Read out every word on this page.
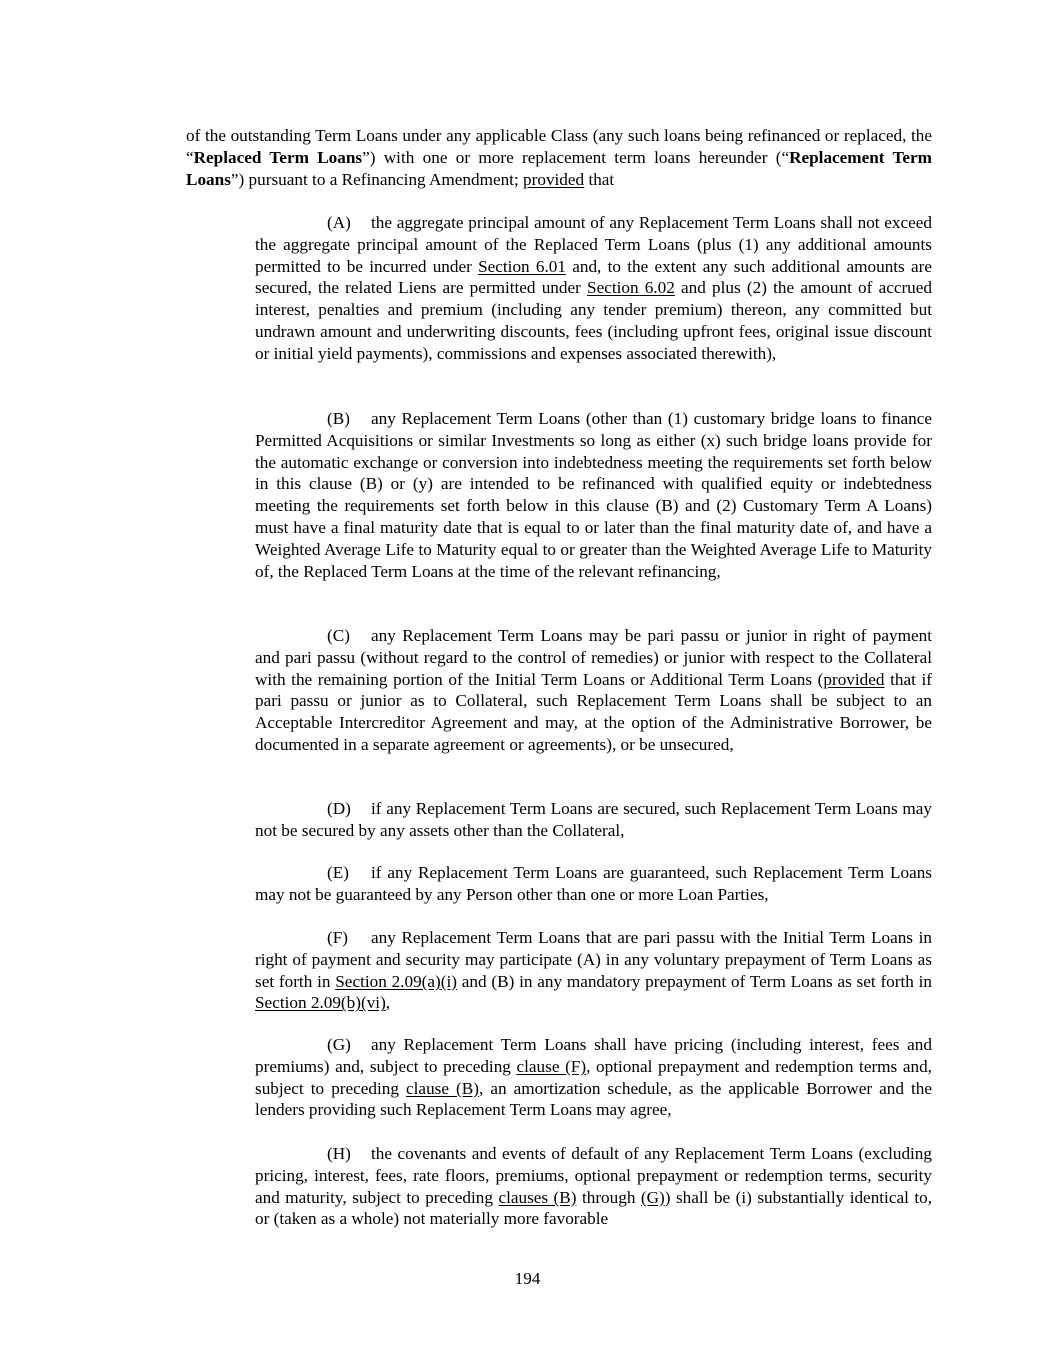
of the outstanding Term Loans under any applicable Class (any such loans being refinanced or replaced, the “Replaced Term Loans”) with one or more replacement term loans hereunder (“Replacement Term Loans”) pursuant to a Refinancing Amendment; provided that

(A) the aggregate principal amount of any Replacement Term Loans shall not exceed the aggregate principal amount of the Replaced Term Loans (plus (1) any additional amounts permitted to be incurred under Section 6.01 and, to the extent any such additional amounts are secured, the related Liens are permitted under Section 6.02 and plus (2) the amount of accrued interest, penalties and premium (including any tender premium) thereon, any committed but undrawn amount and underwriting discounts, fees (including upfront fees, original issue discount or initial yield payments), commissions and expenses associated therewith),

(B) any Replacement Term Loans (other than (1) customary bridge loans to finance Permitted Acquisitions or similar Investments so long as either (x) such bridge loans provide for the automatic exchange or conversion into indebtedness meeting the requirements set forth below in this clause (B) or (y) are intended to be refinanced with qualified equity or indebtedness meeting the requirements set forth below in this clause (B) and (2) Customary Term A Loans) must have a final maturity date that is equal to or later than the final maturity date of, and have a Weighted Average Life to Maturity equal to or greater than the Weighted Average Life to Maturity of, the Replaced Term Loans at the time of the relevant refinancing,

(C) any Replacement Term Loans may be pari passu or junior in right of payment and pari passu (without regard to the control of remedies) or junior with respect to the Collateral with the remaining portion of the Initial Term Loans or Additional Term Loans (provided that if pari passu or junior as to Collateral, such Replacement Term Loans shall be subject to an Acceptable Intercreditor Agreement and may, at the option of the Administrative Borrower, be documented in a separate agreement or agreements), or be unsecured,

(D) if any Replacement Term Loans are secured, such Replacement Term Loans may not be secured by any assets other than the Collateral,

(E) if any Replacement Term Loans are guaranteed, such Replacement Term Loans may not be guaranteed by any Person other than one or more Loan Parties,

(F) any Replacement Term Loans that are pari passu with the Initial Term Loans in right of payment and security may participate (A) in any voluntary prepayment of Term Loans as set forth in Section 2.09(a)(i) and (B) in any mandatory prepayment of Term Loans as set forth in Section 2.09(b)(vi),

(G) any Replacement Term Loans shall have pricing (including interest, fees and premiums) and, subject to preceding clause (F), optional prepayment and redemption terms and, subject to preceding clause (B), an amortization schedule, as the applicable Borrower and the lenders providing such Replacement Term Loans may agree,

(H) the covenants and events of default of any Replacement Term Loans (excluding pricing, interest, fees, rate floors, premiums, optional prepayment or redemption terms, security and maturity, subject to preceding clauses (B) through (G)) shall be (i) substantially identical to, or (taken as a whole) not materially more favorable

194
